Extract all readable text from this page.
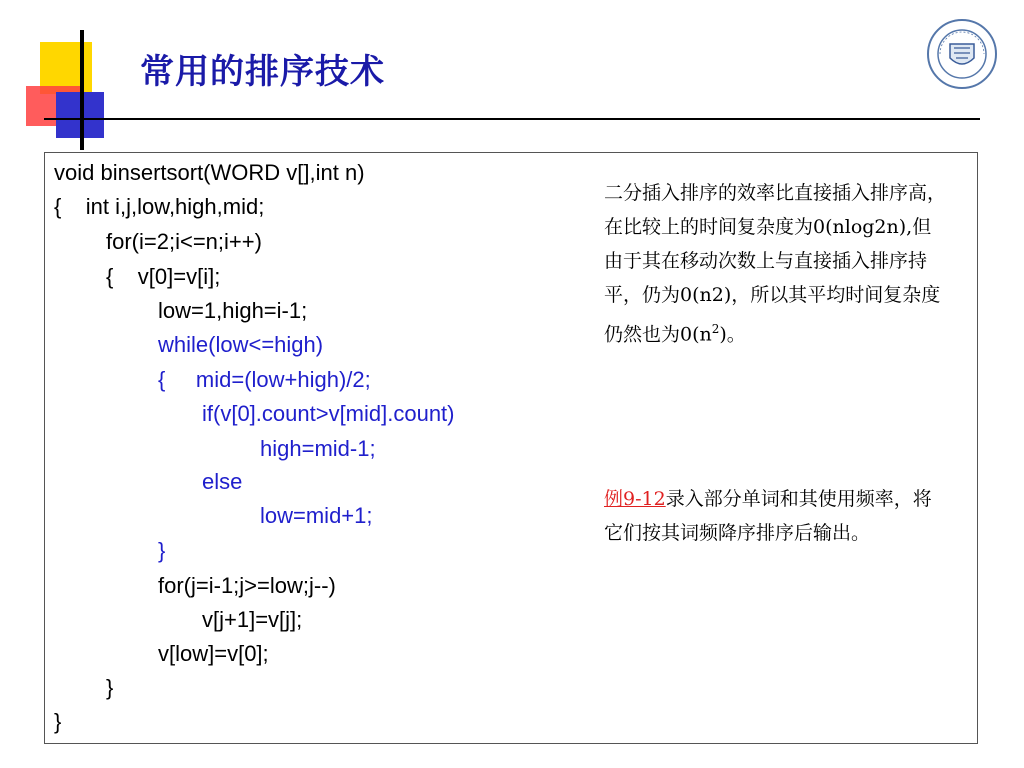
常用的排序技术
void binsertsort(WORD v[],int n)
{    int i,j,low,high,mid;
for(i=2;i<=n;i++)
{    v[0]=v[i];
low=1,high=i-1;
while(low<=high)
{     mid=(low+high)/2;
if(v[0].count>v[mid].count)
high=mid-1;
else
low=mid+1;
}
for(j=i-1;j>=low;j--)
v[j+1]=v[j];
v[low]=v[0];
}
}
二分插入排序的效率比直接插入排序高，在比较上的时间复杂度为0(nlog2n),但由于其在移动次数上与直接插入排序持平，仍为0(n2)，所以其平均时间复杂度仍然也为$0(n^2)$。
例9-12录入部分单词和其使用频率，将它们按其词频降序排序后输出。
